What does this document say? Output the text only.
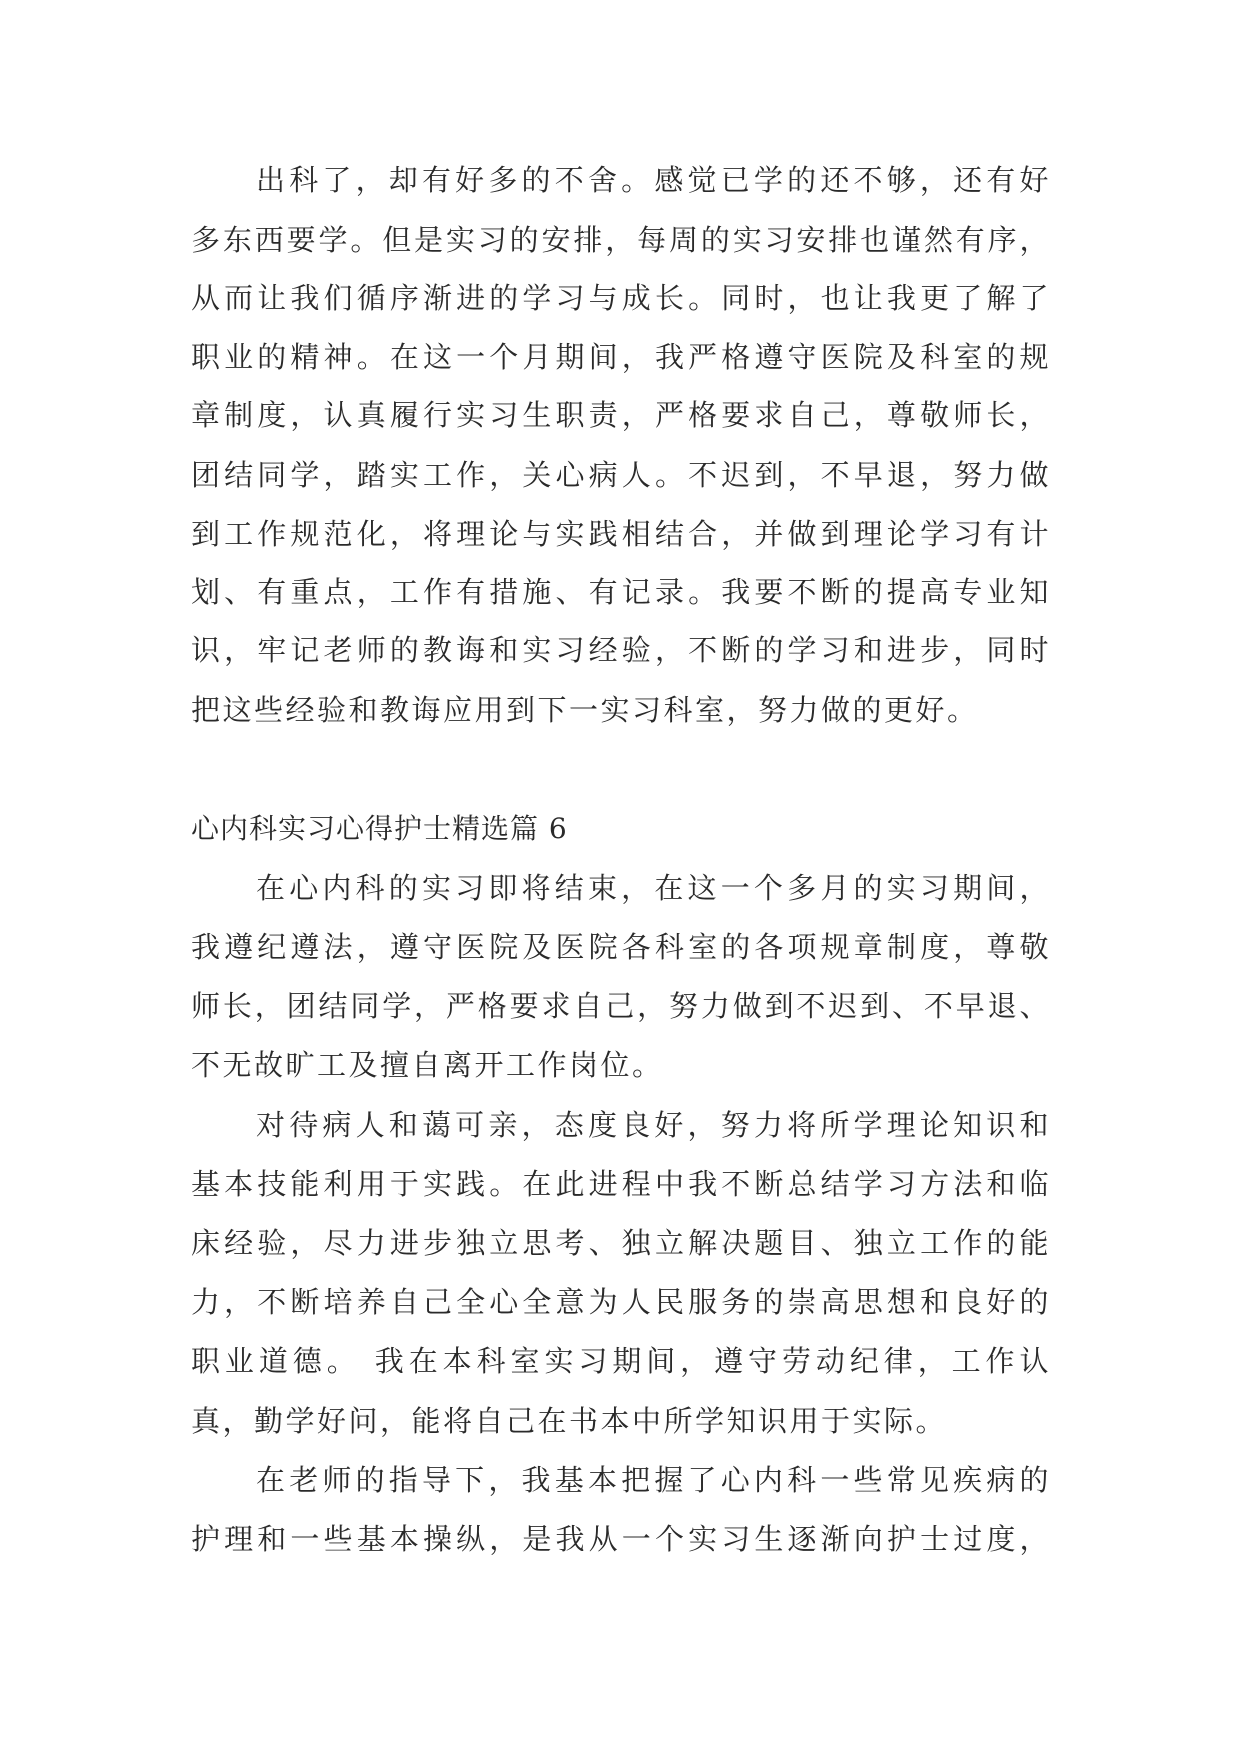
出科了，却有好多的不舍。感觉已学的还不够，还有好
多东西要学。但是实习的安排，每周的实习安排也谨然有序，
从而让我们循序渐进的学习与成长。同时，也让我更了解了
职业的精神。在这一个月期间，我严格遵守医院及科室的规
章制度，认真履行实习生职责，严格要求自己，尊敬师长，
团结同学，踏实工作，关心病人。不迟到，不早退，努力做
到工作规范化，将理论与实践相结合，并做到理论学习有计
划、有重点，工作有措施、有记录。我要不断的提高专业知
识，牢记老师的教诲和实习经验，不断的学习和进步，同时
把这些经验和教诲应用到下一实习科室，努力做的更好。
心内科实习心得护士精选篇 6
在心内科的实习即将结束，在这一个多月的实习期间，
我遵纪遵法，遵守医院及医院各科室的各项规章制度，尊敬
师长，团结同学，严格要求自己，努力做到不迟到、不早退、
不无故旷工及擅自离开工作岗位。
对待病人和蔼可亲，态度良好，努力将所学理论知识和
基本技能利用于实践。在此进程中我不断总结学习方法和临
床经验，尽力进步独立思考、独立解决题目、独立工作的能
力，不断培养自己全心全意为人民服务的崇高思想和良好的
职业道德。 我在本科室实习期间，遵守劳动纪律，工作认
真，勤学好问，能将自己在书本中所学知识用于实际。
在老师的指导下，我基本把握了心内科一些常见疾病的
护理和一些基本操纵，是我从一个实习生逐渐向护士过度，
